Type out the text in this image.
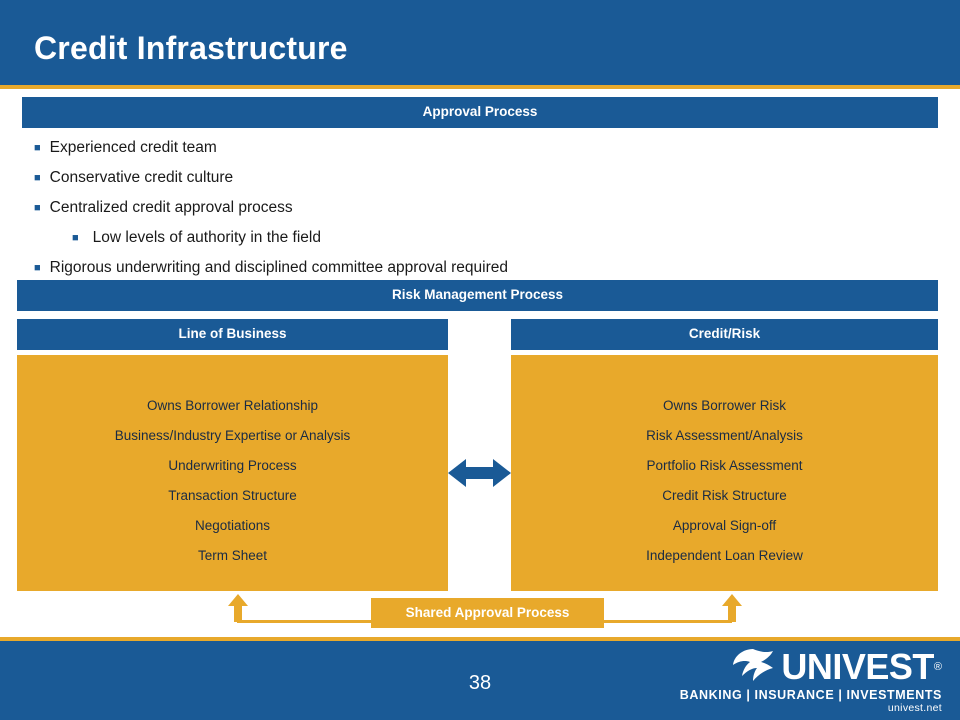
Credit Infrastructure
Approval Process
■ Experienced credit team
■ Conservative credit culture
■ Centralized credit approval process
■ Low levels of authority in the field
■ Rigorous underwriting and disciplined committee approval required
Risk Management Process
Line of Business	Credit/Risk
Owns Borrower Relationship
Business/Industry Expertise or Analysis
Underwriting Process
Transaction Structure
Negotiations
Term Sheet
Owns Borrower Risk
Risk Assessment/Analysis
Portfolio Risk Assessment
Credit Risk Structure
Approval Sign-off
Independent Loan Review
Shared Approval Process
38	UNIVEST ®
BANKING | INSURANCE | INVESTMENTS
univest.net
